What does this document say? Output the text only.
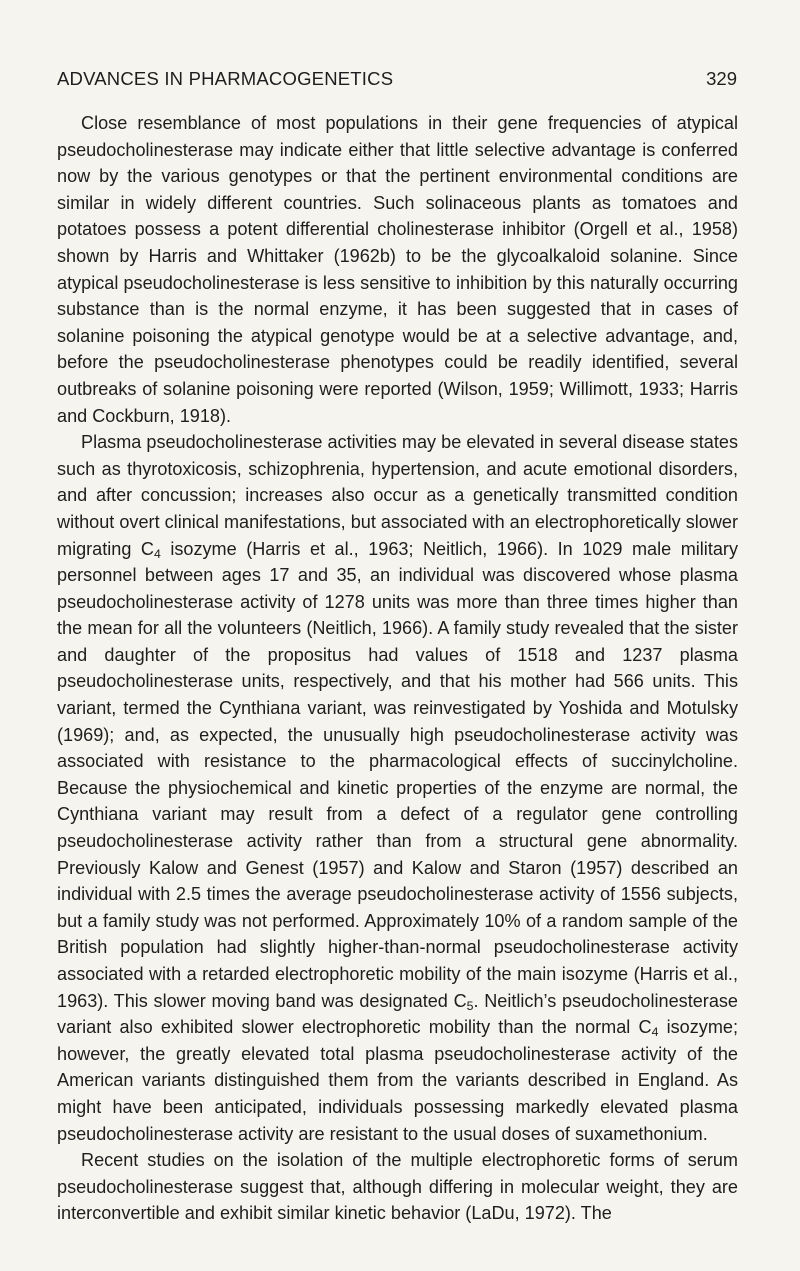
ADVANCES IN PHARMACOGENETICS	329

Close resemblance of most populations in their gene frequencies of atypical pseudocholinesterase may indicate either that little selective advantage is conferred now by the various genotypes or that the pertinent environmental conditions are similar in widely different countries. Such solinaceous plants as tomatoes and potatoes possess a potent differential cholinesterase inhibitor (Orgell et al., 1958) shown by Harris and Whittaker (1962b) to be the glycoalkaloid solanine. Since atypical pseudocholinesterase is less sensitive to inhibition by this naturally occurring substance than is the normal enzyme, it has been suggested that in cases of solanine poisoning the atypical genotype would be at a selective advantage, and, before the pseudocholinesterase phenotypes could be readily identified, several outbreaks of solanine poisoning were reported (Wilson, 1959; Willimott, 1933; Harris and Cockburn, 1918).

Plasma pseudocholinesterase activities may be elevated in several disease states such as thyrotoxicosis, schizophrenia, hypertension, and acute emotional disorders, and after concussion; increases also occur as a genetically transmitted condition without overt clinical manifestations, but associated with an electrophoretically slower migrating $C_4$ isozyme (Harris et al., 1963; Neitlich, 1966). In 1029 male military personnel between ages 17 and 35, an individual was discovered whose plasma pseudocholinesterase activity of 1278 units was more than three times higher than the mean for all the volunteers (Neitlich, 1966). A family study revealed that the sister and daughter of the propositus had values of 1518 and 1237 plasma pseudocholinesterase units, respectively, and that his mother had 566 units. This variant, termed the Cynthiana variant, was reinvestigated by Yoshida and Motulsky (1969); and, as expected, the unusually high pseudocholinesterase activity was associated with resistance to the pharmacological effects of succinylcholine. Because the physiochemical and kinetic properties of the enzyme are normal, the Cynthiana variant may result from a defect of a regulator gene controlling pseudocholinesterase activity rather than from a structural gene abnormality. Previously Kalow and Genest (1957) and Kalow and Staron (1957) described an individual with 2.5 times the average pseudocholinesterase activity of 1556 subjects, but a family study was not performed. Approximately 10% of a random sample of the British population had slightly higher-than-normal pseudocholinesterase activity associated with a retarded electrophoretic mobility of the main isozyme (Harris et al., 1963). This slower moving band was designated $C_5$. Neitlich’s pseudocholinesterase variant also exhibited slower electrophoretic mobility than the normal $C_4$ isozyme; however, the greatly elevated total plasma pseudocholinesterase activity of the American variants distinguished them from the variants described in England. As might have been anticipated, individuals possessing markedly elevated plasma pseudocholinesterase activity are resistant to the usual doses of suxamethonium.

Recent studies on the isolation of the multiple electrophoretic forms of serum pseudocholinesterase suggest that, although differing in molecular weight, they are interconvertible and exhibit similar kinetic behavior (LaDu, 1972). The
